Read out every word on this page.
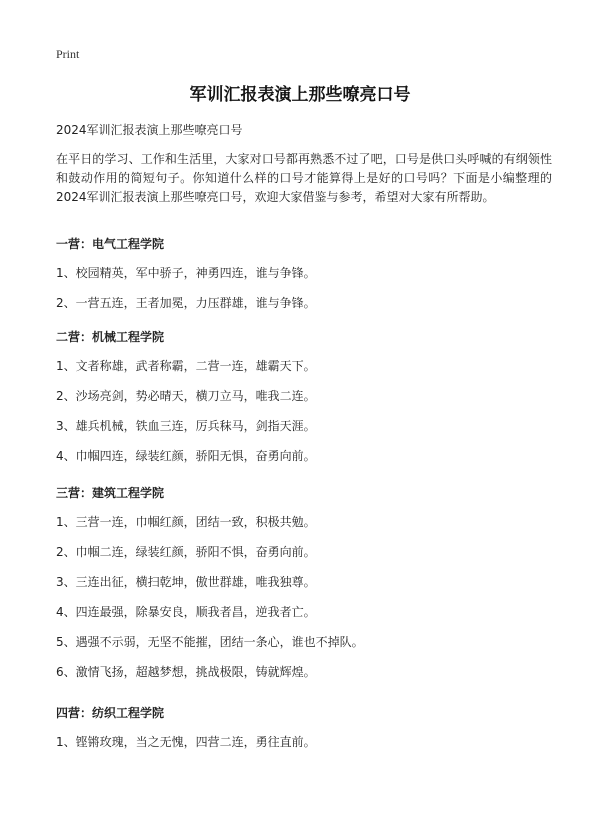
Print
军训汇报表演上那些嘹亮口号

2024军训汇报表演上那些嘹亮口号

在平日的学习、工作和生活里，大家对口号都再熟悉不过了吧，口号是供口头呼喊的有纲领性和鼓动作用的简短句子。你知道什么样的口号才能算得上是好的口号吗？下面是小编整理的2024军训汇报表演上那些嘹亮口号，欢迎大家借鉴与参考，希望对大家有所帮助。

一营：电气工程学院

1、校园精英，军中骄子，神勇四连，谁与争锋。

2、一营五连，王者加冕，力压群雄，谁与争锋。

二营：机械工程学院

1、文者称雄，武者称霸，二营一连，雄霸天下。

2、沙场亮剑，势必晴天，横刀立马，唯我二连。

3、雄兵机械，铁血三连，厉兵秣马，剑指天涯。

4、巾帼四连，绿装红颜，骄阳无惧，奋勇向前。

三营：建筑工程学院

1、三营一连，巾帼红颜，团结一致，积极共勉。

2、巾帼二连，绿装红颜，骄阳不惧，奋勇向前。

3、三连出征，横扫乾坤，傲世群雄，唯我独尊。

4、四连最强，除暴安良，顺我者昌，逆我者亡。

5、遇强不示弱，无坚不能摧，团结一条心，谁也不掉队。

6、激情飞扬，超越梦想，挑战极限，铸就辉煌。

四营：纺织工程学院

1、铿锵玫瑰，当之无愧，四营二连，勇往直前。
